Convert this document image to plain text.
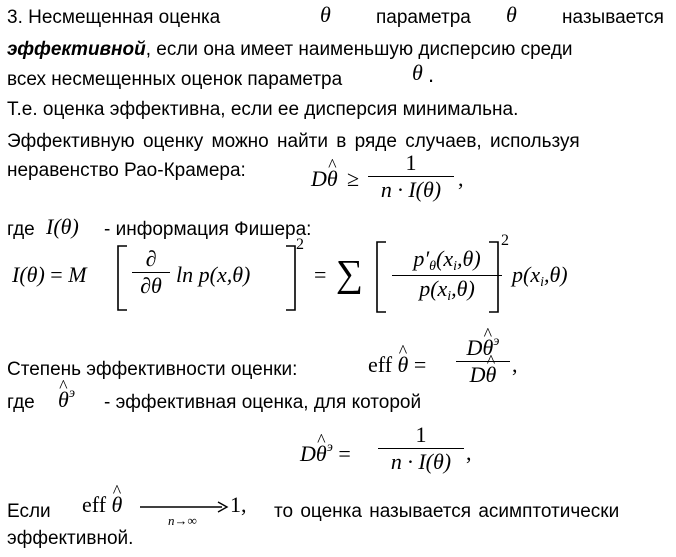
3. Несмещенная оценка	θ параметра θ называется
эффективной, если она имеет наименьшую дисперсию среди
всех несмещенных оценок параметра	θ .
Т.е. оценка эффективна, если ее дисперсия минимальна.
Эффективную оценку можно найти в ряде случаев, используя
неравенство Рао-Крамера:	D^ θ ≥
1
n · I(θ) ,
где I(θ) - информация Фишера:
I(θ) = M
∂
∂θ ln p(x,θ)
2
= ∑ $p'_\theta(x_i,\theta)$
$p(x_i,\theta)$
2
$p(x_i,\theta)$
Степень эффективности оценки:	eff ^ θ =
D^ $\theta^э$
D^ θ ,
где ^ $\theta^э$ - эффективная оценка, для которой
D^ $\theta^э$ =
1
n · I(θ) ,
Если eff ^ θ
n→∞
1, то оценка называется асимптотически
эффективной.
